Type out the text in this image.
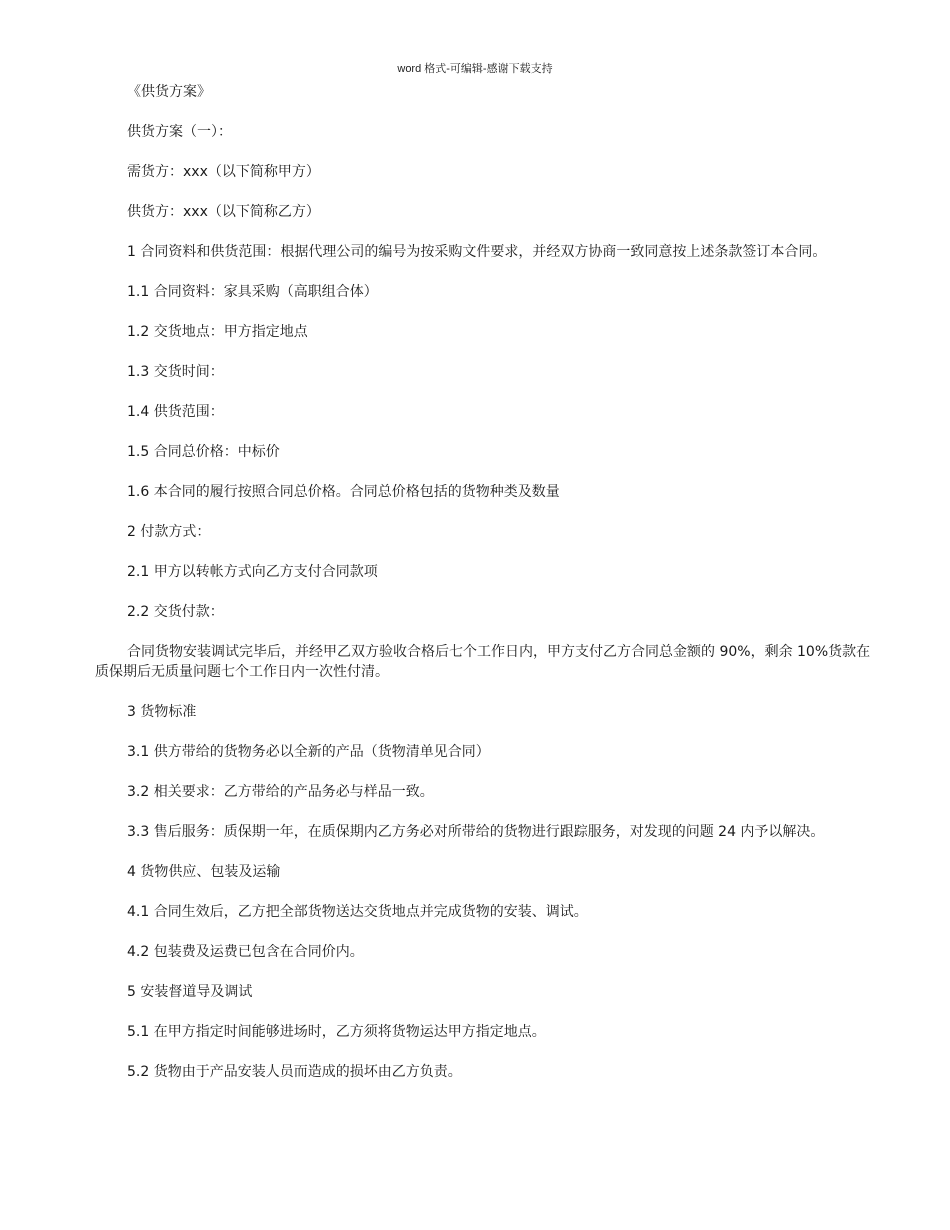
word 格式-可编辑-感谢下载支持

《供货方案》

供货方案（一）：

需货方：xxx（以下简称甲方）

供货方：xxx（以下简称乙方）

1 合同资料和供货范围：根据代理公司的编号为按采购文件要求，并经双方协商一致同意按上述条款签订本合同。

1.1 合同资料：家具采购（高职组合体）

1.2 交货地点：甲方指定地点

1.3 交货时间：

1.4 供货范围：

1.5 合同总价格：中标价

1.6 本合同的履行按照合同总价格。合同总价格包括的货物种类及数量

2 付款方式：

2.1 甲方以转帐方式向乙方支付合同款项

2.2 交货付款：

合同货物安装调试完毕后，并经甲乙双方验收合格后七个工作日内，甲方支付乙方合同总金额的 90%，剩余 10%货款在质保期后无质量问题七个工作日内一次性付清。

3 货物标准

3.1 供方带给的货物务必以全新的产品（货物清单见合同）

3.2 相关要求：乙方带给的产品务必与样品一致。

3.3 售后服务：质保期一年，在质保期内乙方务必对所带给的货物进行跟踪服务，对发现的问题 24 内予以解决。

4 货物供应、包装及运输

4.1 合同生效后，乙方把全部货物送达交货地点并完成货物的安装、调试。

4.2 包装费及运费已包含在合同价内。

5 安装督道导及调试

5.1 在甲方指定时间能够进场时，乙方须将货物运达甲方指定地点。

5.2 货物由于产品安装人员而造成的损坏由乙方负责。
